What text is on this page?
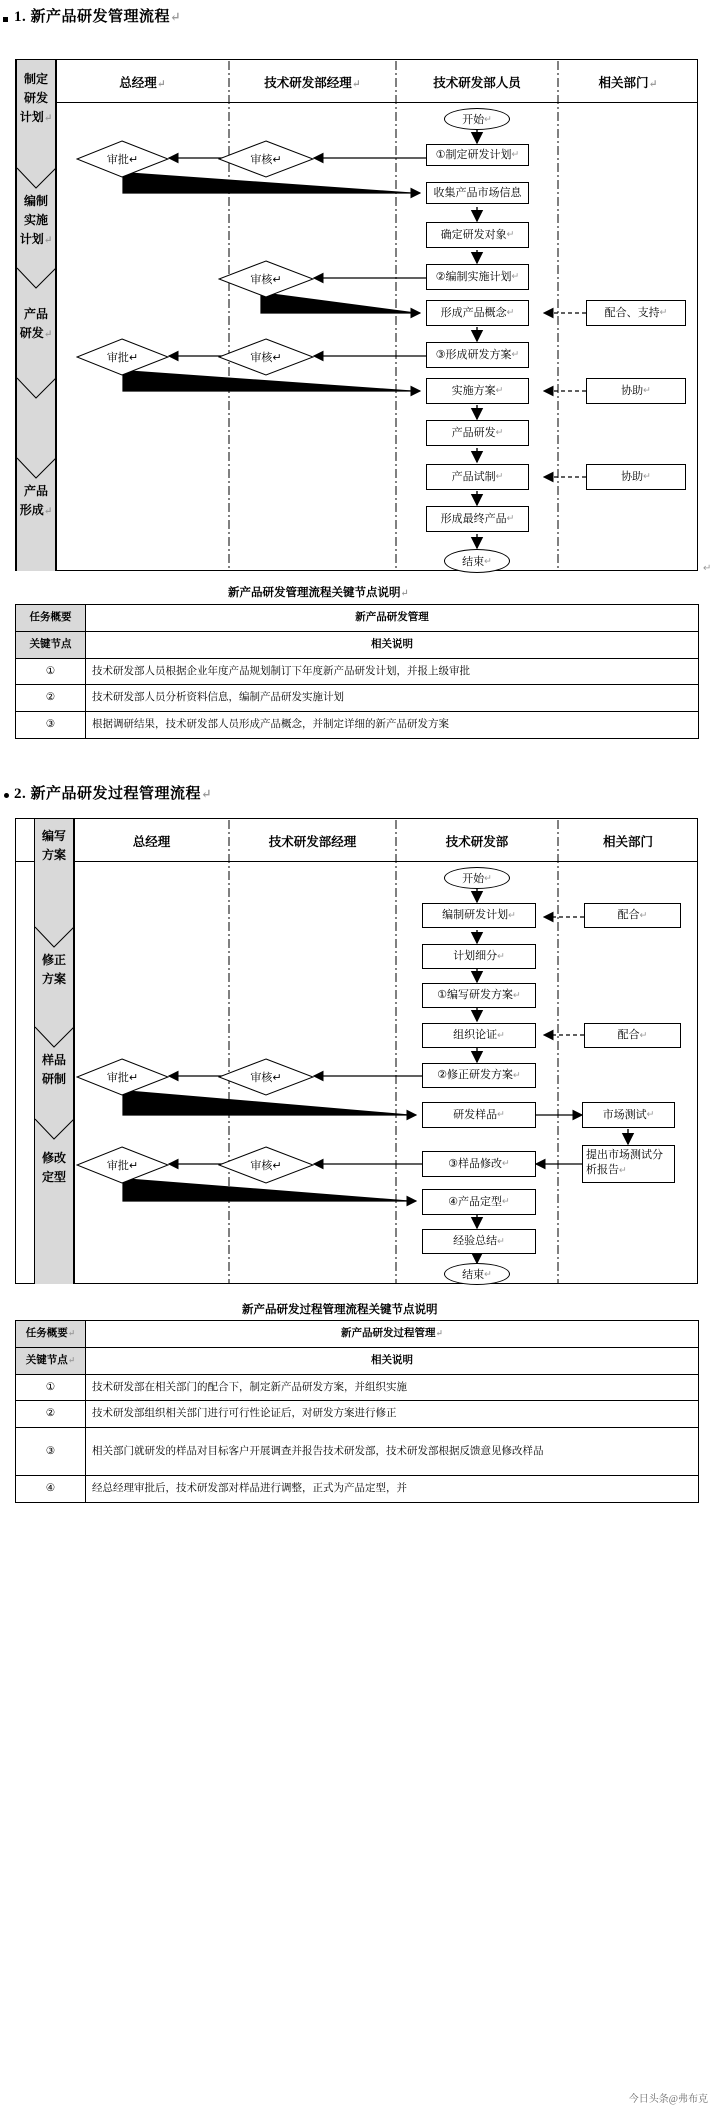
1. 新产品研发管理流程↵
制定研发计划↵
编制实施计划↵
产品研发↵
产品形成↵
总经理↵	技术研发部经理↵	技术研发部人员	相关部门↵
开始 ↵
①制定研发计划 ↵
审核 ↵
审批 ↵
收集产品市场信息
确定研发对象 ↵
②编制实施计划 ↵
审核 ↵
形成产品概念 ↵	配合、支持 ↵
③形成研发方案 ↵
审核 ↵
审批 ↵
实施方案 ↵	协助 ↵
产品研发 ↵
产品试制 ↵	协助 ↵
形成最终产品 ↵
结束 ↵
↵
新产品研发管理流程关键节点说明↵
任务概要	新产品研发管理
关键节点	相关说明
①	技术研发部人员根据企业年度产品规划制订下年度新产品研发计划，并报上级审批
②	技术研发部人员分析资料信息，编制产品研发实施计划
③	根据调研结果，技术研发部人员形成产品概念，并制定详细的新产品研发方案
2. 新产品研发过程管理流程↵
编写方案
修正方案
样品研制
修改定型
总经理	技术研发部经理	技术研发部	相关部门
开始 ↵
编制研发计划 ↵	配合 ↵
计划细分 ↵
①编写研发方案 ↵
组织论证 ↵	配合 ↵
②修正研发方案 ↵
审核 ↵
审批 ↵
研发样品 ↵	市场测试 ↵
提出市场测试分析报告↵
③样品修改 ↵
审核 ↵
审批 ↵
④产品定型 ↵
经验总结 ↵
结束 ↵
新产品研发过程管理流程关键节点说明
任务概要↵	新产品研发过程管理↵
关键节点↵	相关说明
①	技术研发部在相关部门的配合下，制定新产品研发方案，并组织实施
②	技术研发部组织相关部门进行可行性论证后，对研发方案进行修正
③	相关部门就研发的样品对目标客户开展调查并报告技术研发部，技术研发部根据反馈意见修改样品
④	经总经理审批后，技术研发部对样品进行调整，正式为产品定型，并
今日头条@弗布克
